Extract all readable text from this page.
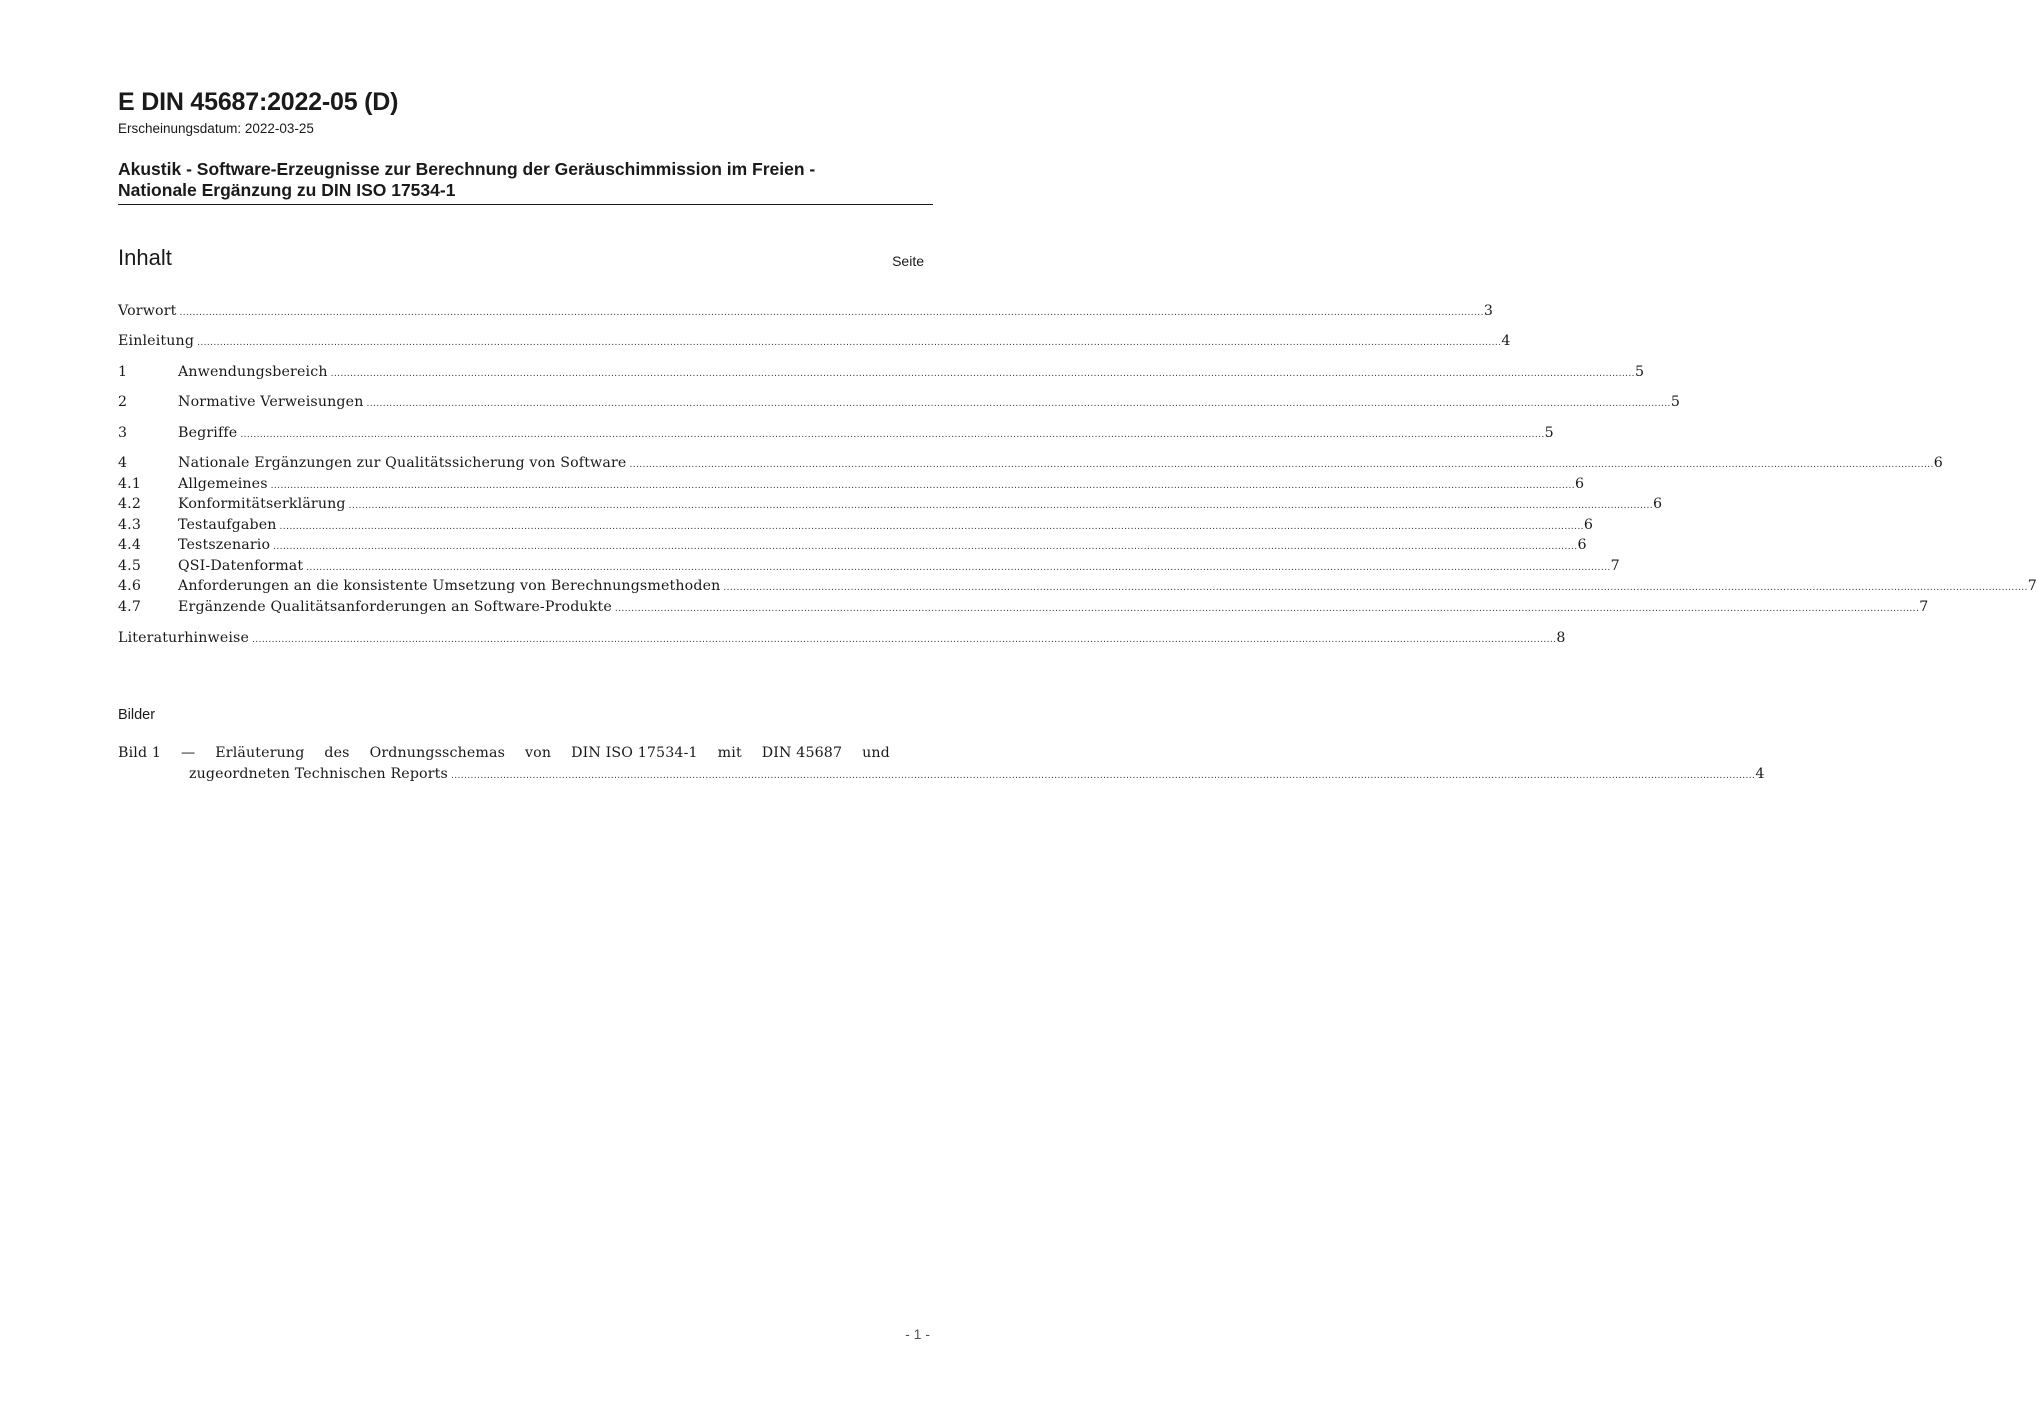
E DIN 45687:2022-05 (D)
Erscheinungsdatum: 2022-03-25
Akustik - Software-Erzeugnisse zur Berechnung der Geräuschimmission im Freien -
Nationale Ergänzung zu DIN ISO 17534-1
Inhalt	Seite
Vorwort ................................................................................................................................................................................................................................................................................................................................................................................................................ 3
Einleitung ................................................................................................................................................................................................................................................................................................................................................................................................................ 4
1	Anwendungsbereich ................................................................................................................................................................................................................................................................................................................................................................................................................ 5
2	Normative Verweisungen ................................................................................................................................................................................................................................................................................................................................................................................................................ 5
3	Begriffe ................................................................................................................................................................................................................................................................................................................................................................................................................ 5
4	Nationale Ergänzungen zur Qualitätssicherung von Software ................................................................................................................................................................................................................................................................................................................................................................................................................ 6
4.1	Allgemeines ................................................................................................................................................................................................................................................................................................................................................................................................................ 6
4.2	Konformitätserklärung ................................................................................................................................................................................................................................................................................................................................................................................................................ 6
4.3	Testaufgaben ................................................................................................................................................................................................................................................................................................................................................................................................................ 6
4.4	Testszenario ................................................................................................................................................................................................................................................................................................................................................................................................................ 6
4.5	QSI-Datenformat ................................................................................................................................................................................................................................................................................................................................................................................................................ 7
4.6	Anforderungen an die konsistente Umsetzung von Berechnungsmethoden ................................................................................................................................................................................................................................................................................................................................................................................................................ 7
4.7	Ergänzende Qualitätsanforderungen an Software-Produkte ................................................................................................................................................................................................................................................................................................................................................................................................................ 7
Literaturhinweise ................................................................................................................................................................................................................................................................................................................................................................................................................ 8
Bilder
Bild 1 — Erläuterung des Ordnungsschemas von DIN ISO 17534-1 mit DIN 45687 und
zugeordneten Technischen Reports ................................................................................................................................................................................................................................................................................................................................................................................................................ 4
- 1 -
